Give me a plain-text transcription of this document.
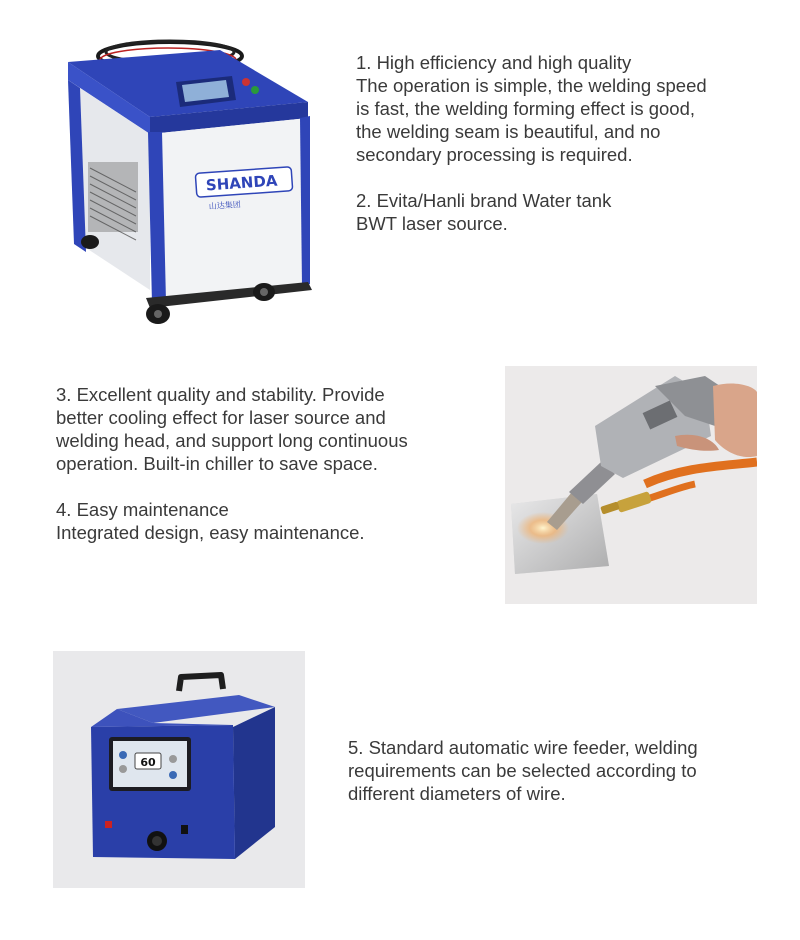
SHANDA
山达集团

1. High efficiency and high quality

The operation is simple, the welding speed

is fast, the welding forming effect is good,

the welding seam is beautiful, and no

secondary processing is required.

2. Evita/Hanli brand Water tank

BWT laser source.

3. Excellent quality and stability. Provide

better cooling effect for laser source and

welding head, and support long continuous

operation. Built-in chiller to save space.

4. Easy maintenance

Integrated design, easy maintenance.

60

5. Standard automatic wire feeder, welding

requirements can be selected according to

different diameters of wire.
